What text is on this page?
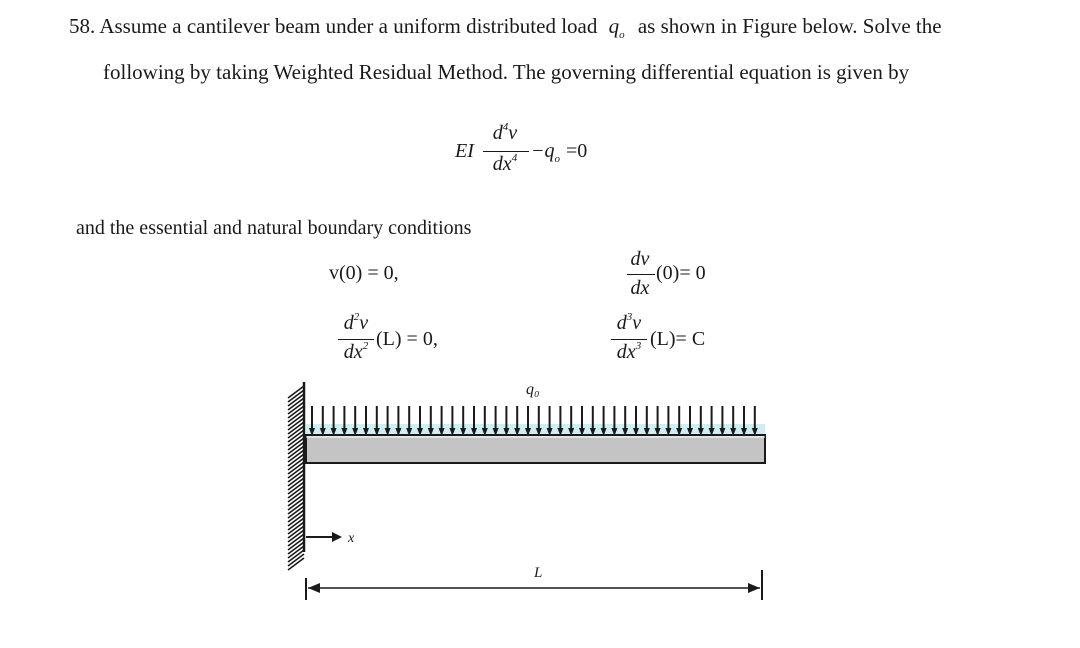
58. Assume a cantilever beam under a uniform distributed load $q_o$ as shown in Figure below. Solve the
following by taking Weighted Residual Method. The governing differential equation is given by
and the essential and natural boundary conditions
EI
$d^4v$
$dx^4 -q_o =0$
v(0) = 0,
dv
dx
(0)= 0
$d^2v$
$dx^2$ (L) = 0,
$d^3v$
$dx^3$ (L)= C
x
q₀
L
